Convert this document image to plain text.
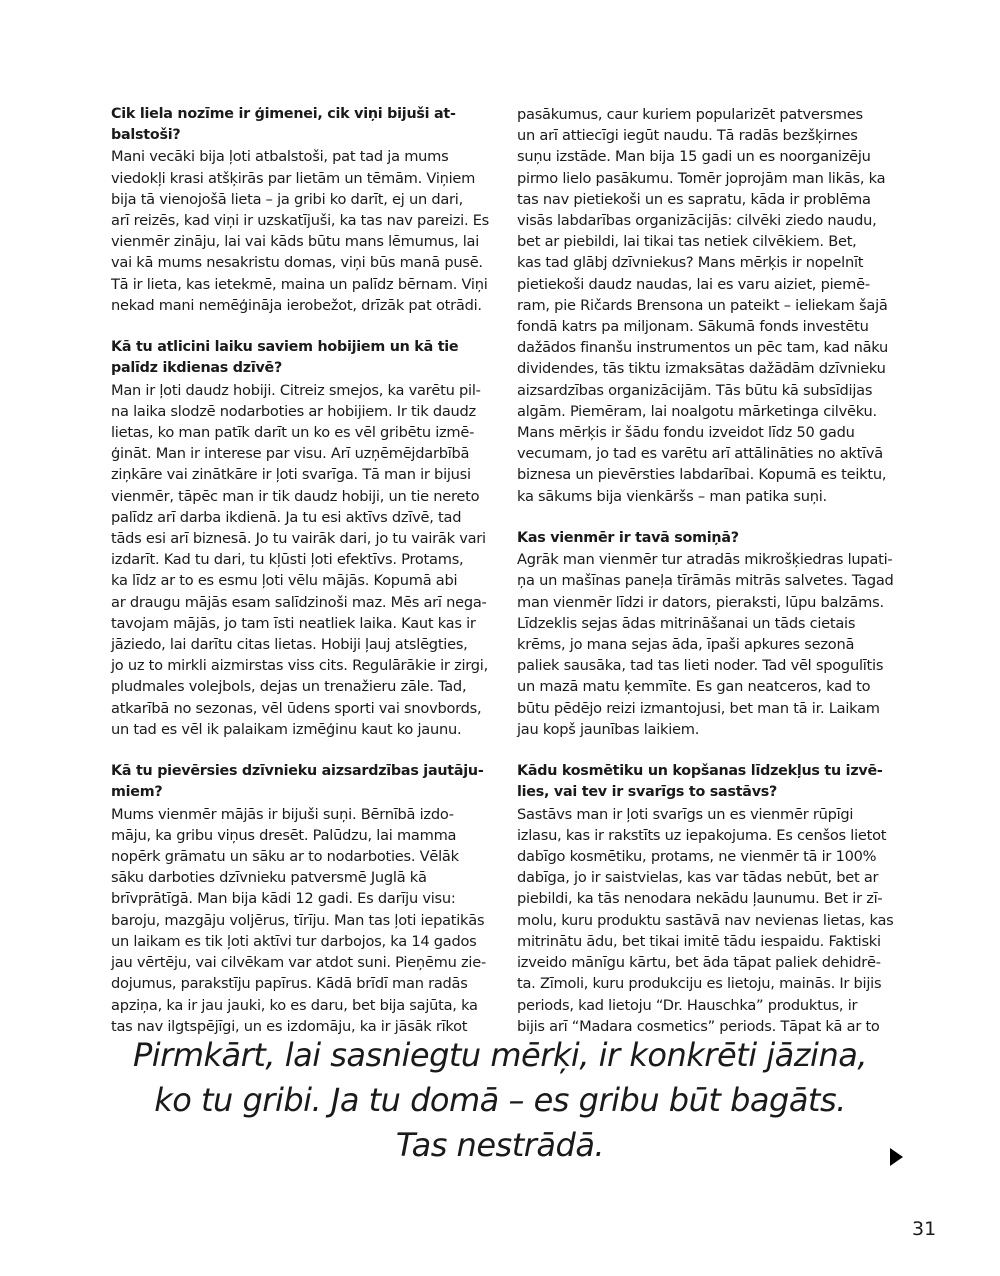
Cik liela nozīme ir ģimenei, cik viņi bijuši at-
balstoši?

Mani vecāki bija ļoti atbalstoši, pat tad ja mums
viedokļi krasi atšķirās par lietām un tēmām. Viņiem
bija tā vienojošā lieta – ja gribi ko darīt, ej un dari,
arī reizēs, kad viņi ir uzskatījuši, ka tas nav pareizi. Es
vienmēr zināju, lai vai kāds būtu mans lēmumus, lai
vai kā mums nesakristu domas, viņi būs manā pusē.
Tā ir lieta, kas ietekmē, maina un palīdz bērnam. Viņi
nekad mani nemēģināja ierobežot, drīzāk pat otrādi.

Kā tu atlicini laiku saviem hobijiem un kā tie
palīdz ikdienas dzīvē?

Man ir ļoti daudz hobiji. Citreiz smejos, ka varētu pil-
na laika slodzē nodarboties ar hobijiem. Ir tik daudz
lietas, ko man patīk darīt un ko es vēl gribētu izmē-
ģināt. Man ir interese par visu. Arī uzņēmējdarbībā
ziņkāre vai zinātkāre ir ļoti svarīga. Tā man ir bijusi
vienmēr, tāpēc man ir tik daudz hobiji, un tie nereto
palīdz arī darba ikdienā. Ja tu esi aktīvs dzīvē, tad
tāds esi arī biznesā. Jo tu vairāk dari, jo tu vairāk vari
izdarīt. Kad tu dari, tu kļūsti ļoti efektīvs. Protams,
ka līdz ar to es esmu ļoti vēlu mājās. Kopumā abi
ar draugu mājās esam salīdzinoši maz. Mēs arī nega-
tavojam mājās, jo tam īsti neatliek laika. Kaut kas ir
jāziedo, lai darītu citas lietas. Hobiji ļauj atslēgties,
jo uz to mirkli aizmirstas viss cits. Regulārākie ir zirgi,
pludmales volejbols, dejas un trenažieru zāle. Tad,
atkarībā no sezonas, vēl ūdens sporti vai snovbords,
un tad es vēl ik palaikam izmēģinu kaut ko jaunu.

Kā tu pievērsies dzīvnieku aizsardzības jautāju-
miem?

Mums vienmēr mājās ir bijuši suņi. Bērnībā izdo-
māju, ka gribu viņus dresēt. Palūdzu, lai mamma
nopērk grāmatu un sāku ar to nodarboties. Vēlāk
sāku darboties dzīvnieku patversmē Juglā kā
brīvprātīgā. Man bija kādi 12 gadi. Es darīju visu:
baroju, mazgāju voljērus, tīrīju. Man tas ļoti iepatikās
un laikam es tik ļoti aktīvi tur darbojos, ka 14 gados
jau vērtēju, vai cilvēkam var atdot suni. Pieņēmu zie-
dojumus, parakstīju papīrus. Kādā brīdī man radās
apziņa, ka ir jau jauki, ko es daru, bet bija sajūta, ka
tas nav ilgtspējīgi, un es izdomāju, ka ir jāsāk rīkot

pasākumus, caur kuriem popularizēt patversmes
un arī attiecīgi iegūt naudu. Tā radās bezšķirnes
suņu izstāde. Man bija 15 gadi un es noorganizēju
pirmo lielo pasākumu. Tomēr joprojām man likās, ka
tas nav pietiekoši un es sapratu, kāda ir problēma
visās labdarības organizācijās: cilvēki ziedo naudu,
bet ar piebildi, lai tikai tas netiek cilvēkiem. Bet,
kas tad glābj dzīvniekus? Mans mērķis ir nopelnīt
pietiekoši daudz naudas, lai es varu aiziet, piemē-
ram, pie Ričards Brensona un pateikt – ieliekam šajā
fondā katrs pa miljonam. Sākumā fonds investētu
dažādos finanšu instrumentos un pēc tam, kad nāku
dividendes, tās tiktu izmaksātas dažādām dzīvnieku
aizsardzības organizācijām. Tās būtu kā subsīdijas
algām. Piemēram, lai noalgotu mārketinga cilvēku.
Mans mērķis ir šādu fondu izveidot līdz 50 gadu
vecumam, jo tad es varētu arī attālināties no aktīvā
biznesa un pievērsties labdarībai. Kopumā es teiktu,
ka sākums bija vienkāršs – man patika suņi.

Kas vienmēr ir tavā somiņā?

Agrāk man vienmēr tur atradās mikrošķiedras lupati-
ņa un mašīnas paneļa tīrāmās mitrās salvetes. Tagad
man vienmēr līdzi ir dators, pieraksti, lūpu balzāms.
Līdzeklis sejas ādas mitrināšanai un tāds cietais
krēms, jo mana sejas āda, īpaši apkures sezonā
paliek sausāka, tad tas lieti noder. Tad vēl spogulītis
un mazā matu ķemmīte. Es gan neatceros, kad to
būtu pēdējo reizi izmantojusi, bet man tā ir. Laikam
jau kopš jaunības laikiem.

Kādu kosmētiku un kopšanas līdzekļus tu izvē-
lies, vai tev ir svarīgs to sastāvs?

Sastāvs man ir ļoti svarīgs un es vienmēr rūpīgi
izlasu, kas ir rakstīts uz iepakojuma. Es cenšos lietot
dabīgo kosmētiku, protams, ne vienmēr tā ir 100%
dabīga, jo ir saistvielas, kas var tādas nebūt, bet ar
piebildi, ka tās nenodara nekādu ļaunumu. Bet ir zī-
molu, kuru produktu sastāvā nav nevienas lietas, kas
mitrinātu ādu, bet tikai imitē tādu iespaidu. Faktiski
izveido mānīgu kārtu, bet āda tāpat paliek dehidrē-
ta. Zīmoli, kuru produkciju es lietoju, mainās. Ir bijis
periods, kad lietoju “Dr. Hauschka” produktus, ir
bijis arī “Madara cosmetics” periods. Tāpat kā ar to

Pirmkārt, lai sasniegtu mērķi, ir konkrēti jāzina,
ko tu gribi. Ja tu domā – es gribu būt bagāts.
Tas nestrādā.
31
